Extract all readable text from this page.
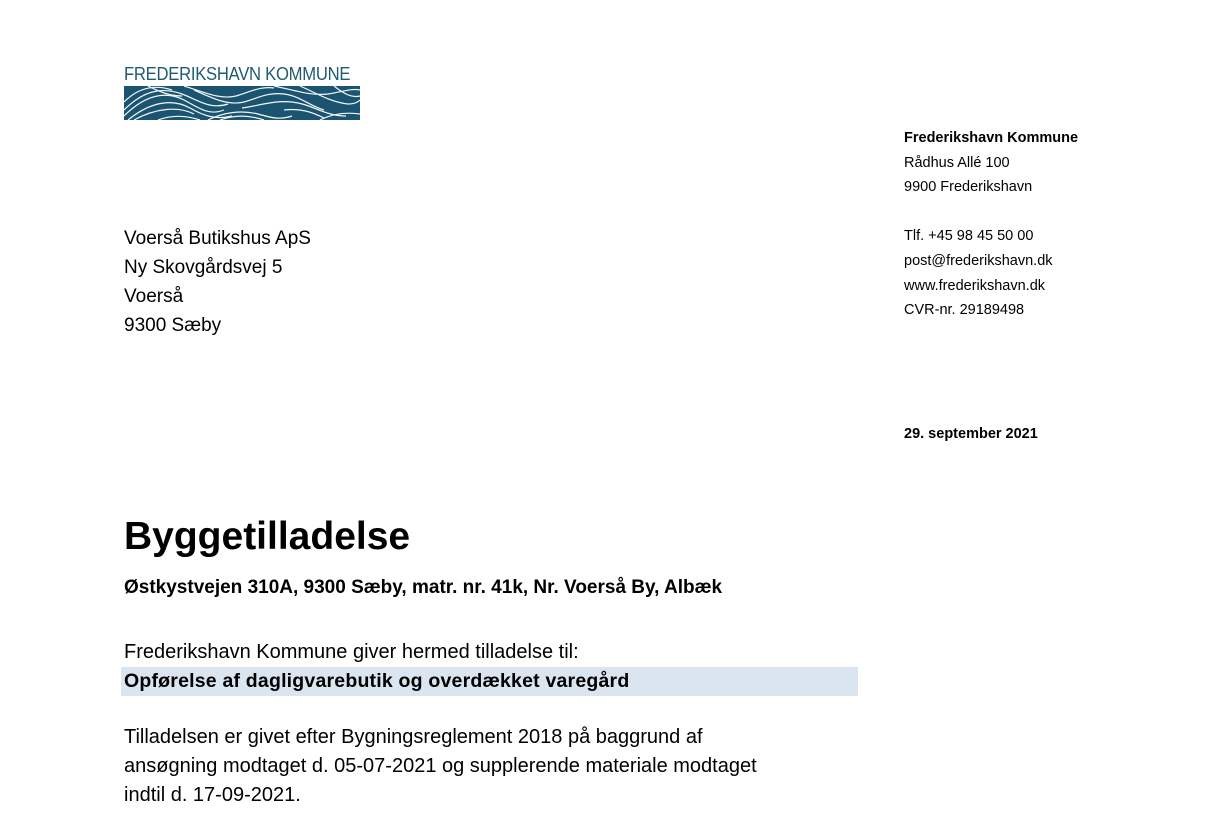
FREDERIKSHAVN KOMMUNE
Frederikshavn Kommune
Rådhus Allé 100
9900 Frederikshavn
Tlf. +45 98 45 50 00
post@frederikshavn.dk
www.frederikshavn.dk
CVR-nr. 29189498
29. september 2021
Voerså Butikshus ApS
Ny Skovgårdsvej 5
Voerså
9300 Sæby
Byggetilladelse
Østkystvejen 310A, 9300 Sæby, matr. nr. 41k, Nr. Voerså By, Albæk
Frederikshavn Kommune giver hermed tilladelse til:
Opførelse af dagligvarebutik og overdækket varegård
Tilladelsen er givet efter Bygningsreglement 2018 på baggrund af
ansøgning modtaget d. 05-07-2021 og supplerende materiale modtaget
indtil d. 17-09-2021.
